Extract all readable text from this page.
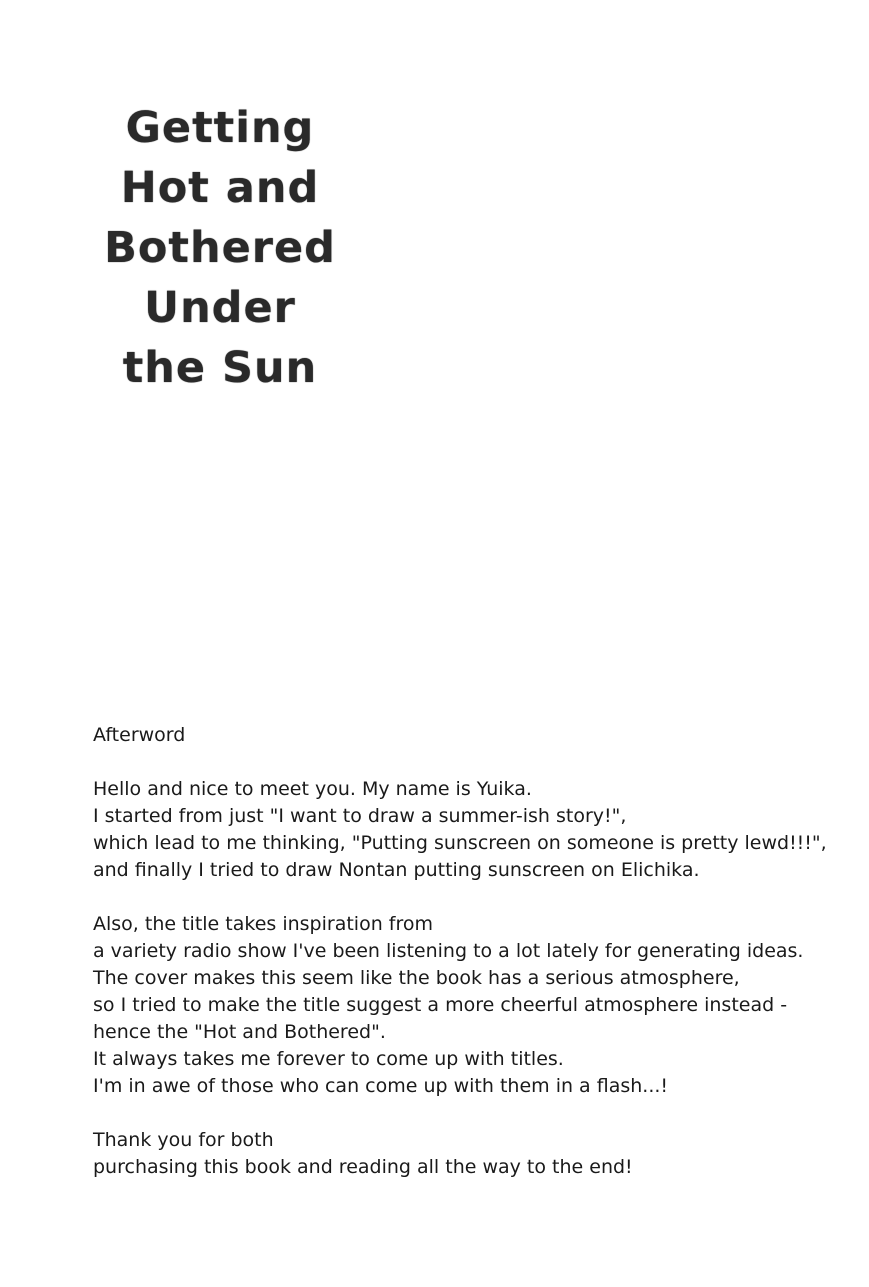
Getting
Hot and
Bothered
Under
the Sun
Afterword
Hello and nice to meet you. My name is Yuika.
I started from just "I want to draw a summer-ish story!",
which lead to me thinking, "Putting sunscreen on someone is pretty lewd!!!",
and finally I tried to draw Nontan putting sunscreen on Elichika.
Also, the title takes inspiration from
a variety radio show I've been listening to a lot lately for generating ideas.
The cover makes this seem like the book has a serious atmosphere,
so I tried to make the title suggest a more cheerful atmosphere instead -
hence the "Hot and Bothered".
It always takes me forever to come up with titles.
I'm in awe of those who can come up with them in a flash...!
Thank you for both
purchasing this book and reading all the way to the end!
